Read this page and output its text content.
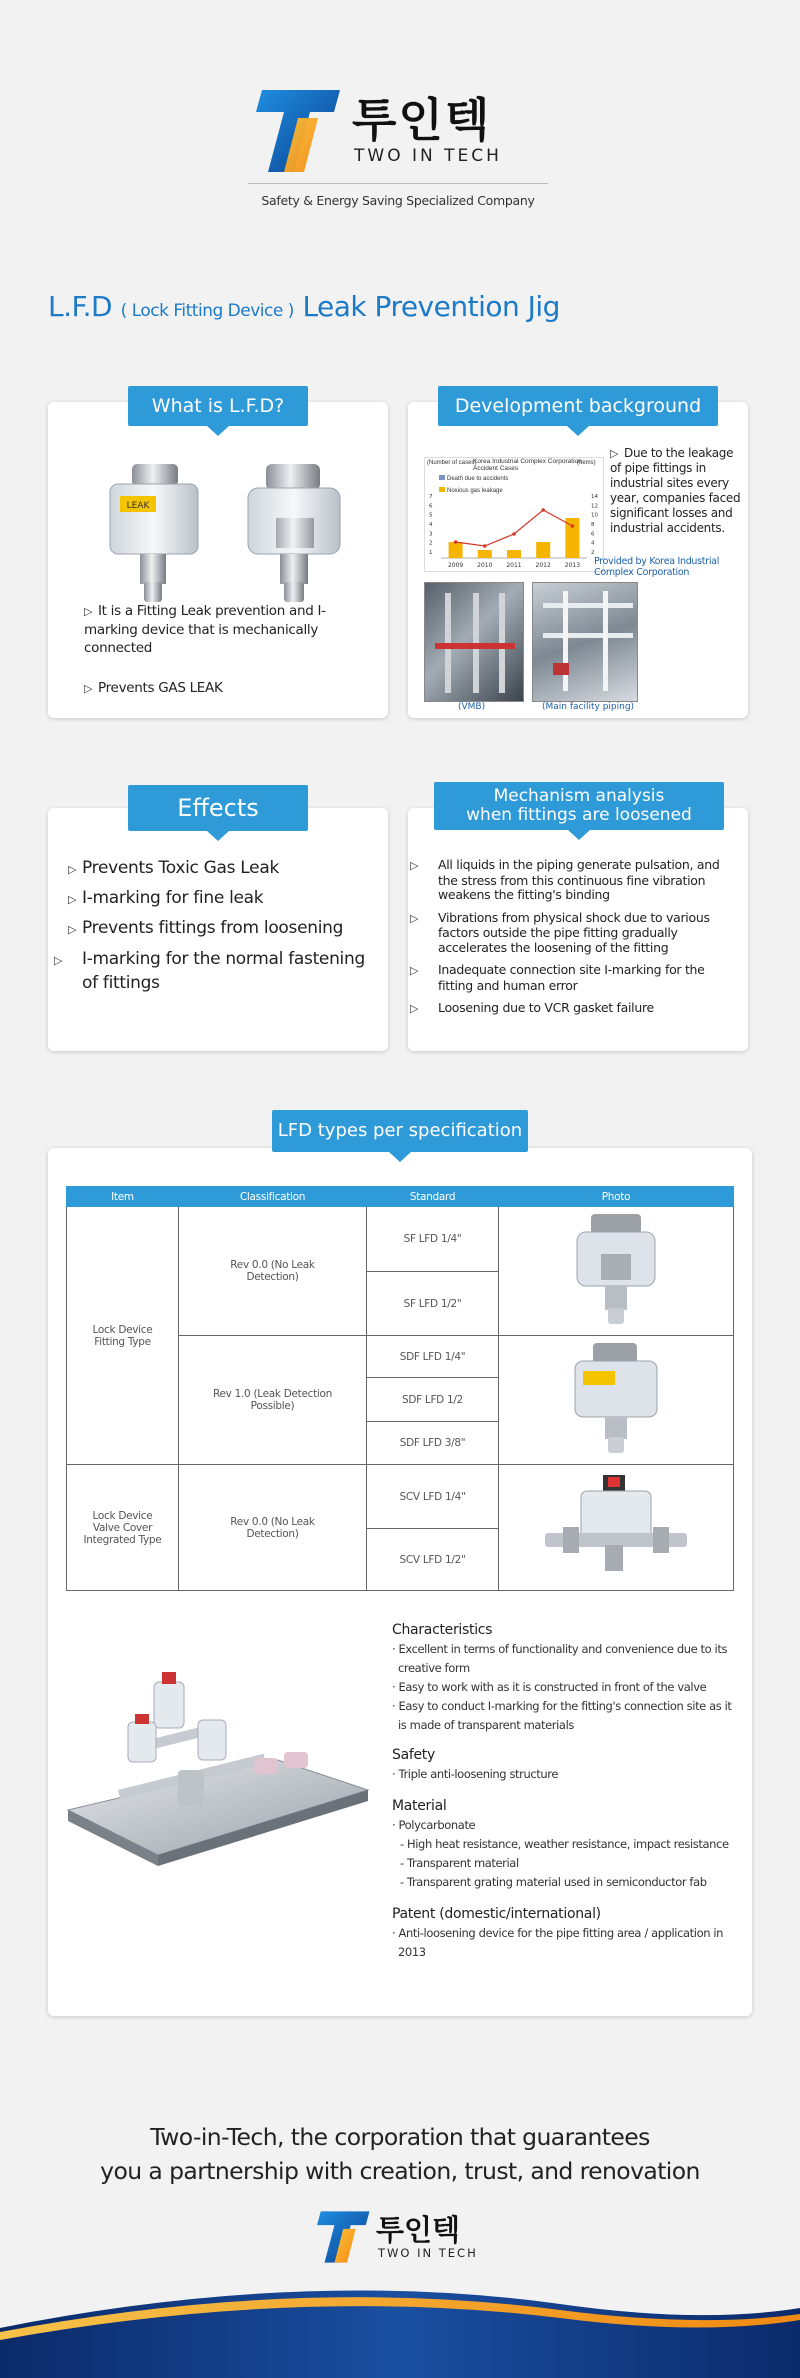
투인텍
TWO IN TECH
Safety & Energy Saving Specialized Company
L.F.D ( Lock Fitting Device ) Leak Prevention Jig
LEAK
▷ It is a Fitting Leak prevention and I-marking device that is mechanically connected
▷ Prevents GAS LEAK
What is L.F.D?
(Number of cases)
Korea Industrial Complex Corporation
Accident Cases
(Items)
Death due to accidents
Noxious gas leakage
7
6
5
4
3
2
1
14
12
10
8
6
4
2
2009 2010 2011 2012 2013
▷ Due to the leakage of pipe fittings in industrial sites every year, companies faced significant losses and industrial accidents.
Provided by Korea Industrial Complex Corporation
(VMB)	(Main facility piping)
Development background
▷ Prevents Toxic Gas Leak
▷ I-marking for fine leak
▷ Prevents fittings from loosening
▷ I-marking for the normal fastening of fittings
Effects
▷ All liquids in the piping generate pulsation, and the stress from this continuous fine vibration weakens the fitting's binding
▷ Vibrations from physical shock due to various factors outside the pipe fitting gradually accelerates the loosening of the fitting
▷ Inadequate connection site I-marking for the fitting and human error
▷ Loosening due to VCR gasket failure
Mechanism analysis
when fittings are loosened
Item	Classification	Standard	Photo
Lock Device Fitting Type	Rev 0.0 (No Leak Detection)	SF LFD 1/4"	
		SF LFD 1/2"	
	Rev 1.0 (Leak Detection Possible)	SDF LFD 1/4"	
		SDF LFD 1/2	
		SDF LFD 3/8"	
Lock Device Valve Cover Integrated Type	Rev 0.0 (No Leak Detection)	SCV LFD 1/4"	
		SCV LFD 1/2"	
Characteristics

· Excellent in terms of functionality and convenience due to its creative form

· Easy to work with as it is constructed in front of the valve

· Easy to conduct I-marking for the fitting's connection site as it is made of transparent materials

Safety

· Triple anti-loosening structure

Material

· Polycarbonate

- High heat resistance, weather resistance, impact resistance

- Transparent material

- Transparent grating material used in semiconductor fab

Patent (domestic/international)

· Anti-loosening device for the pipe fitting area / application in 2013

LFD types per specification
Two-in-Tech, the corporation that guarantees
you a partnership with creation, trust, and renovation
투인텍
TWO IN TECH
